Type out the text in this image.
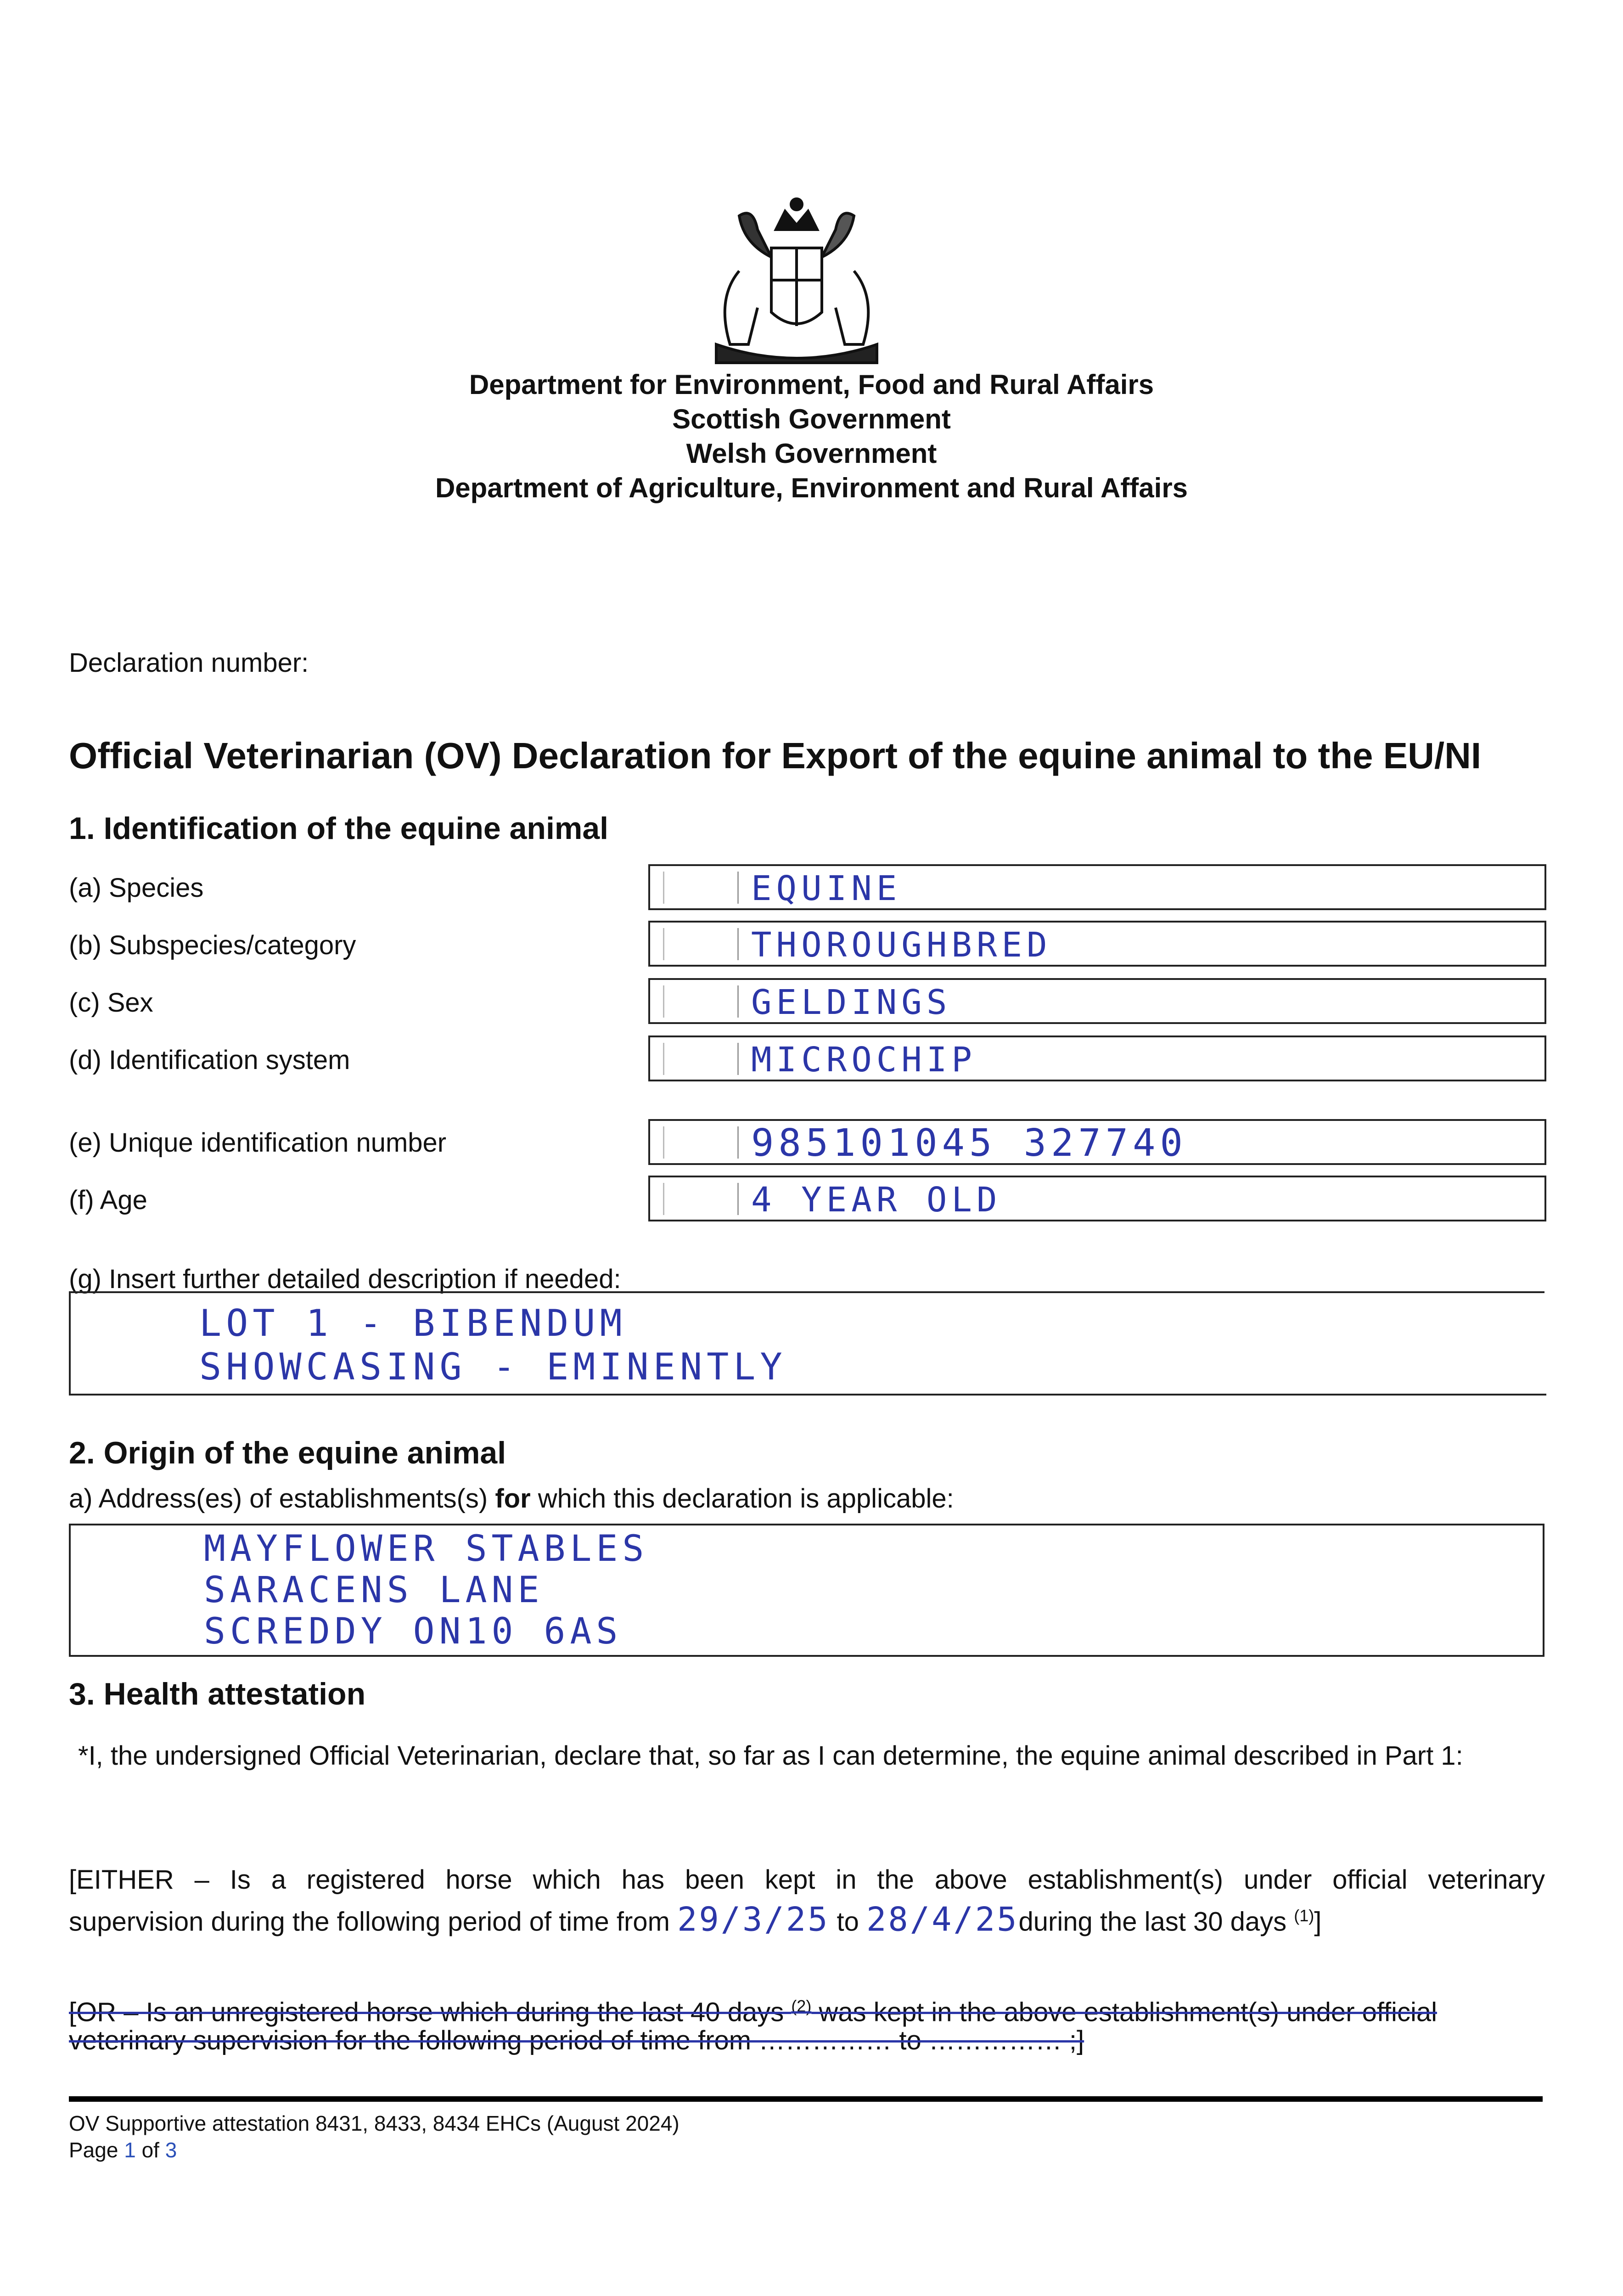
Department for Environment, Food and Rural Affairs
Scottish Government
Welsh Government
Department of Agriculture, Environment and Rural Affairs
Declaration number:
Official Veterinarian (OV) Declaration for Export of the equine animal to the EU/NI
1. Identification of the equine animal
(a) Species	EQUINE
(b) Subspecies/category	THOROUGHBRED
(c) Sex	GELDINGS
(d) Identification system	MICROCHIP
(e) Unique identification number	985101045 327740
(f) Age	4 YEAR OLD
(g) Insert further detailed description if needed:
LOT 1 - BIBENDUM
SHOWCASING - EMINENTLY
2. Origin of the equine animal
a) Address(es) of establishments(s) for which this declaration is applicable:
MAYFLOWER STABLES
SARACENS LANE
SCREDDY ON10 6AS
3. Health attestation
*I, the undersigned Official Veterinarian, declare that, so far as I can determine, the equine animal described in Part 1:
[EITHER – Is a registered horse which has been kept in the above establishment(s) under official veterinary
supervision during the following period of time from 29/3/25 to 28/4/25during the last 30 days $^{(1)}$]
[OR – Is an unregistered horse which during the last 40 days $^{(2)}$ was kept in the above establishment(s) under official
veterinary supervision for the following period of time from …………… to …………… ;]
OV Supportive attestation 8431, 8433, 8434 EHCs (August 2024)
Page 1 of 3
